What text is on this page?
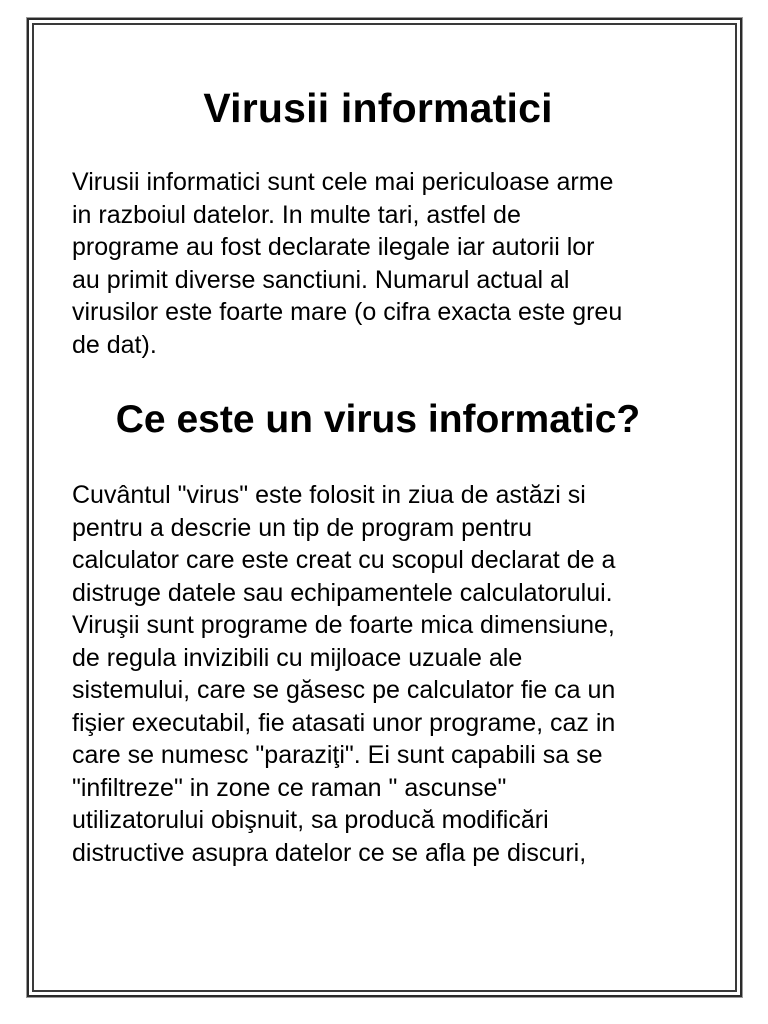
Virusii informatici

Virusii informatici sunt cele mai periculoase arme
in razboiul datelor. In multe tari, astfel de
programe au fost declarate ilegale iar autorii lor
au primit diverse sanctiuni. Numarul actual al
virusilor este foarte mare (o cifra exacta este greu
de dat).

Ce este un virus informatic?

Cuvântul "virus" este folosit in ziua de astăzi si
pentru a descrie un tip de program pentru
calculator care este creat cu scopul declarat de a
distruge datele sau echipamentele calculatorului.
Viruşii sunt programe de foarte mica dimensiune,
de regula invizibili cu mijloace uzuale ale
sistemului, care se găsesc pe calculator fie ca un
fişier executabil, fie atasati unor programe, caz in
care se numesc "paraziţi". Ei sunt capabili sa se
"infiltreze" in zone ce raman " ascunse"
utilizatorului obişnuit, sa producă modificări
distructive asupra datelor ce se afla pe discuri,
